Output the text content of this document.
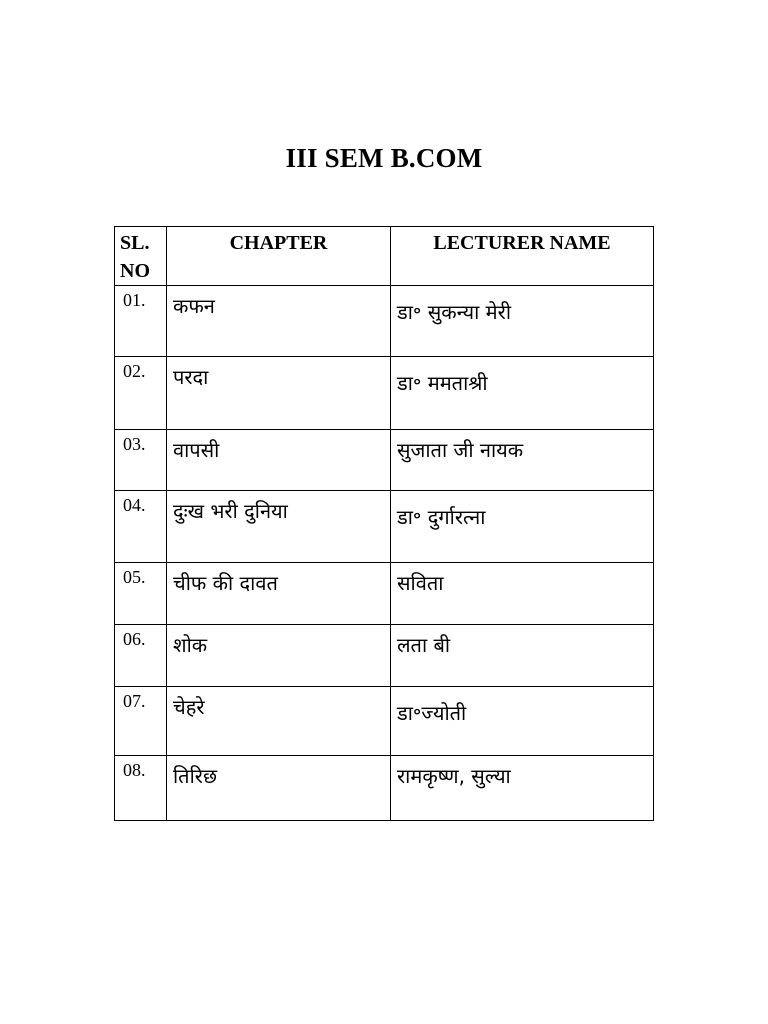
III SEM B.COM
SL. NO	CHAPTER	LECTURER NAME
01.	कफन	डा॰ सुकन्या मेरी
02.	परदा	डा॰ ममताश्री
03.	वापसी	सुजाता जी नायक
04.	दुःख भरी दुनिया	डा॰ दुर्गारत्ना
05.	चीफ की दावत	सविता
06.	शोक	लता बी
07.	चेहरे	डा॰ज्योती
08.	तिरिछ	रामकृष्ण, सुल्या
